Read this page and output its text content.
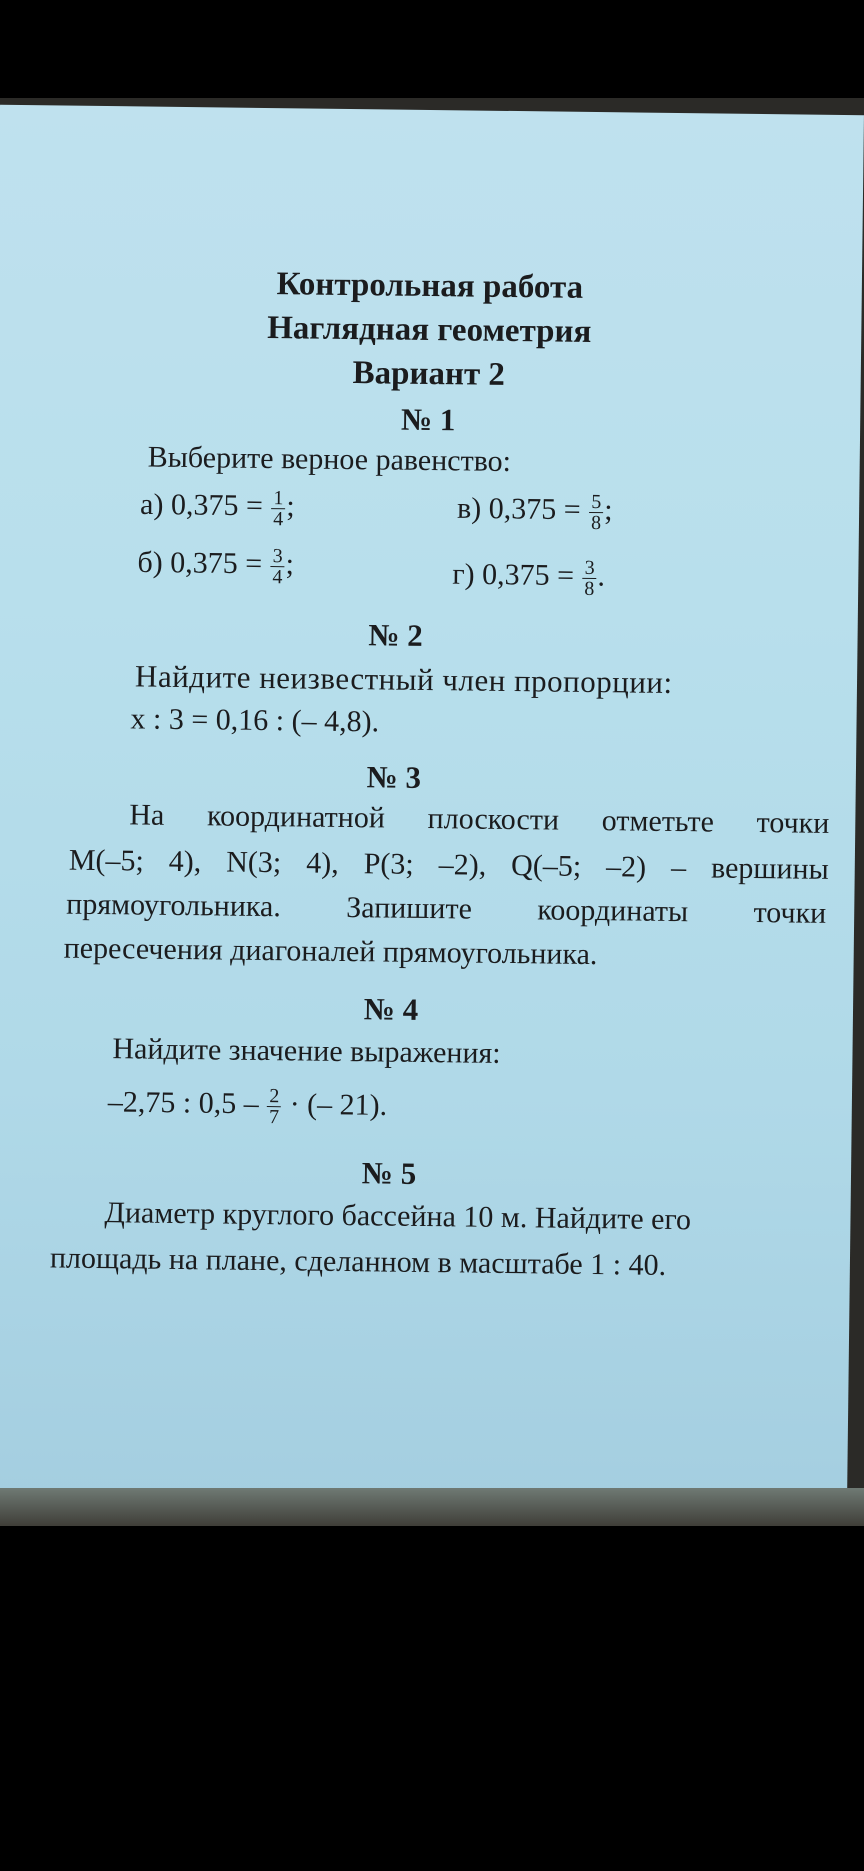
Контрольная работа
Наглядная геометрия
Вариант 2
№ 1
Выберите верное равенство:
а) $0,375 = \frac{1}{4}$ ;	в) $0,375 = \frac{5}{8}$ ;
б) $0,375 = \frac{3}{4}$ ;	г) $0,375 = \frac{3}{8}$ .
№ 2
Найдите неизвестный член пропорции:
x : 3 = 0,16 : (– 4,8).
№ 3
На координатной плоскости отметьте точки
M(–5; 4), N(3; 4), P(3; –2), Q(–5; –2) – вершины
прямоугольника. Запишите координаты точки
пересечения диагоналей прямоугольника.
№ 4
Найдите значение выражения:
–2,75 : $0,5 - \frac{2}{7}$ · (– 21).
№ 5
Диаметр круглого бассейна 10 м. Найдите его
площадь на плане, сделанном в масштабе 1 : 40.
